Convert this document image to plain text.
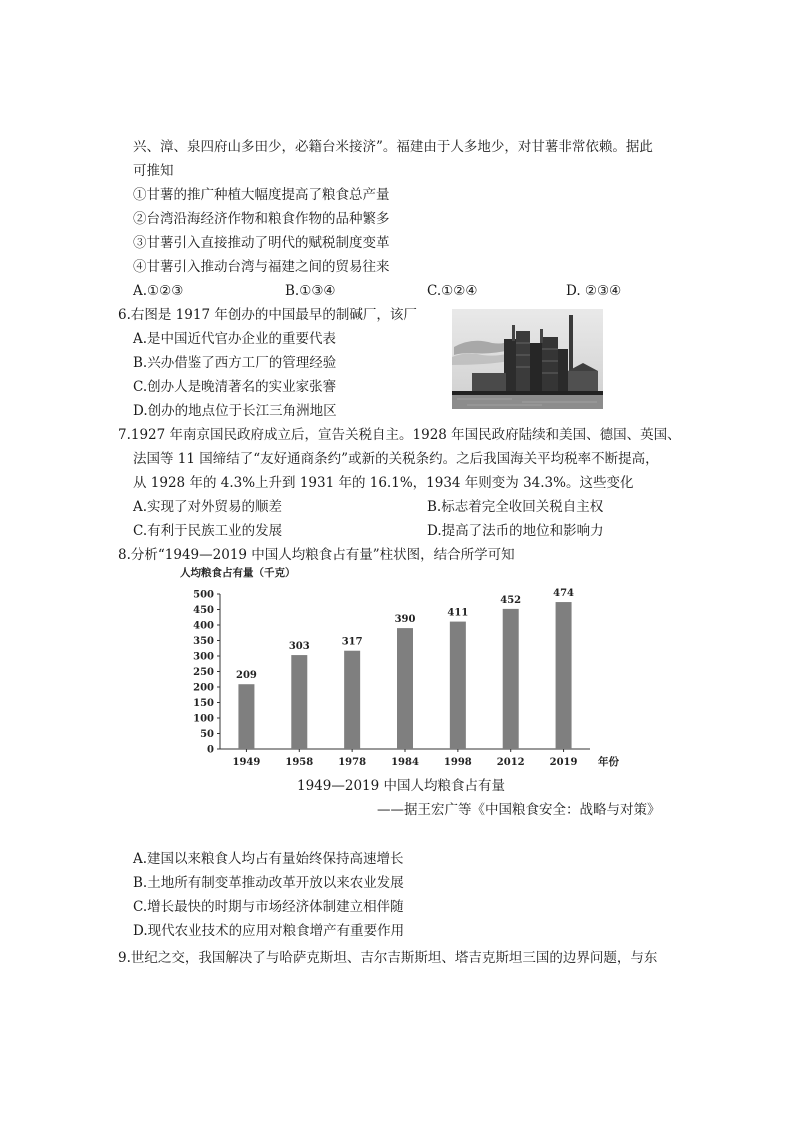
兴、漳、泉四府山多田少，必籍台米接济”。福建由于人多地少，对甘薯非常依赖。据此
可推知
①甘薯的推广种植大幅度提高了粮食总产量
②台湾沿海经济作物和粮食作物的品种繁多
③甘薯引入直接推动了明代的赋税制度变革
④甘薯引入推动台湾与福建之间的贸易往来
A.①②③	B.①③④	C.①②④	D. ②③④
6.右图是 1917 年创办的中国最早的制碱厂，该厂
A.是中国近代官办企业的重要代表
B.兴办借鉴了西方工厂的管理经验
C.创办人是晚清著名的实业家张謇
D.创办的地点位于长江三角洲地区
7.1927 年南京国民政府成立后，宣告关税自主。1928 年国民政府陆续和美国、德国、英国、
法国等 11 国缔结了“友好通商条约”或新的关税条约。之后我国海关平均税率不断提高，
从 1928 年的 4.3%上升到 1931 年的 16.1%，1934 年则变为 34.3%。这些变化
A.实现了对外贸易的顺差	B.标志着完全收回关税自主权
C.有利于民族工业的发展	D.提高了法币的地位和影响力
8.分析“1949—2019 中国人均粮食占有量”柱状图，结合所学可知
人均粮食占有量（千克）
0
50
100
150
200
250
300
350
400
450
500
209
1949
303
1958
317
1978
390
1984
411
1998
452
2012
474
2019 年份
1949—2019 中国人均粮食占有量
——据王宏广等《中国粮食安全：战略与对策》
A.建国以来粮食人均占有量始终保持高速增长
B.土地所有制变革推动改革开放以来农业发展
C.增长最快的时期与市场经济体制建立相伴随
D.现代农业技术的应用对粮食增产有重要作用
9.世纪之交，我国解决了与哈萨克斯坦、吉尔吉斯斯坦、塔吉克斯坦三国的边界问题，与东
